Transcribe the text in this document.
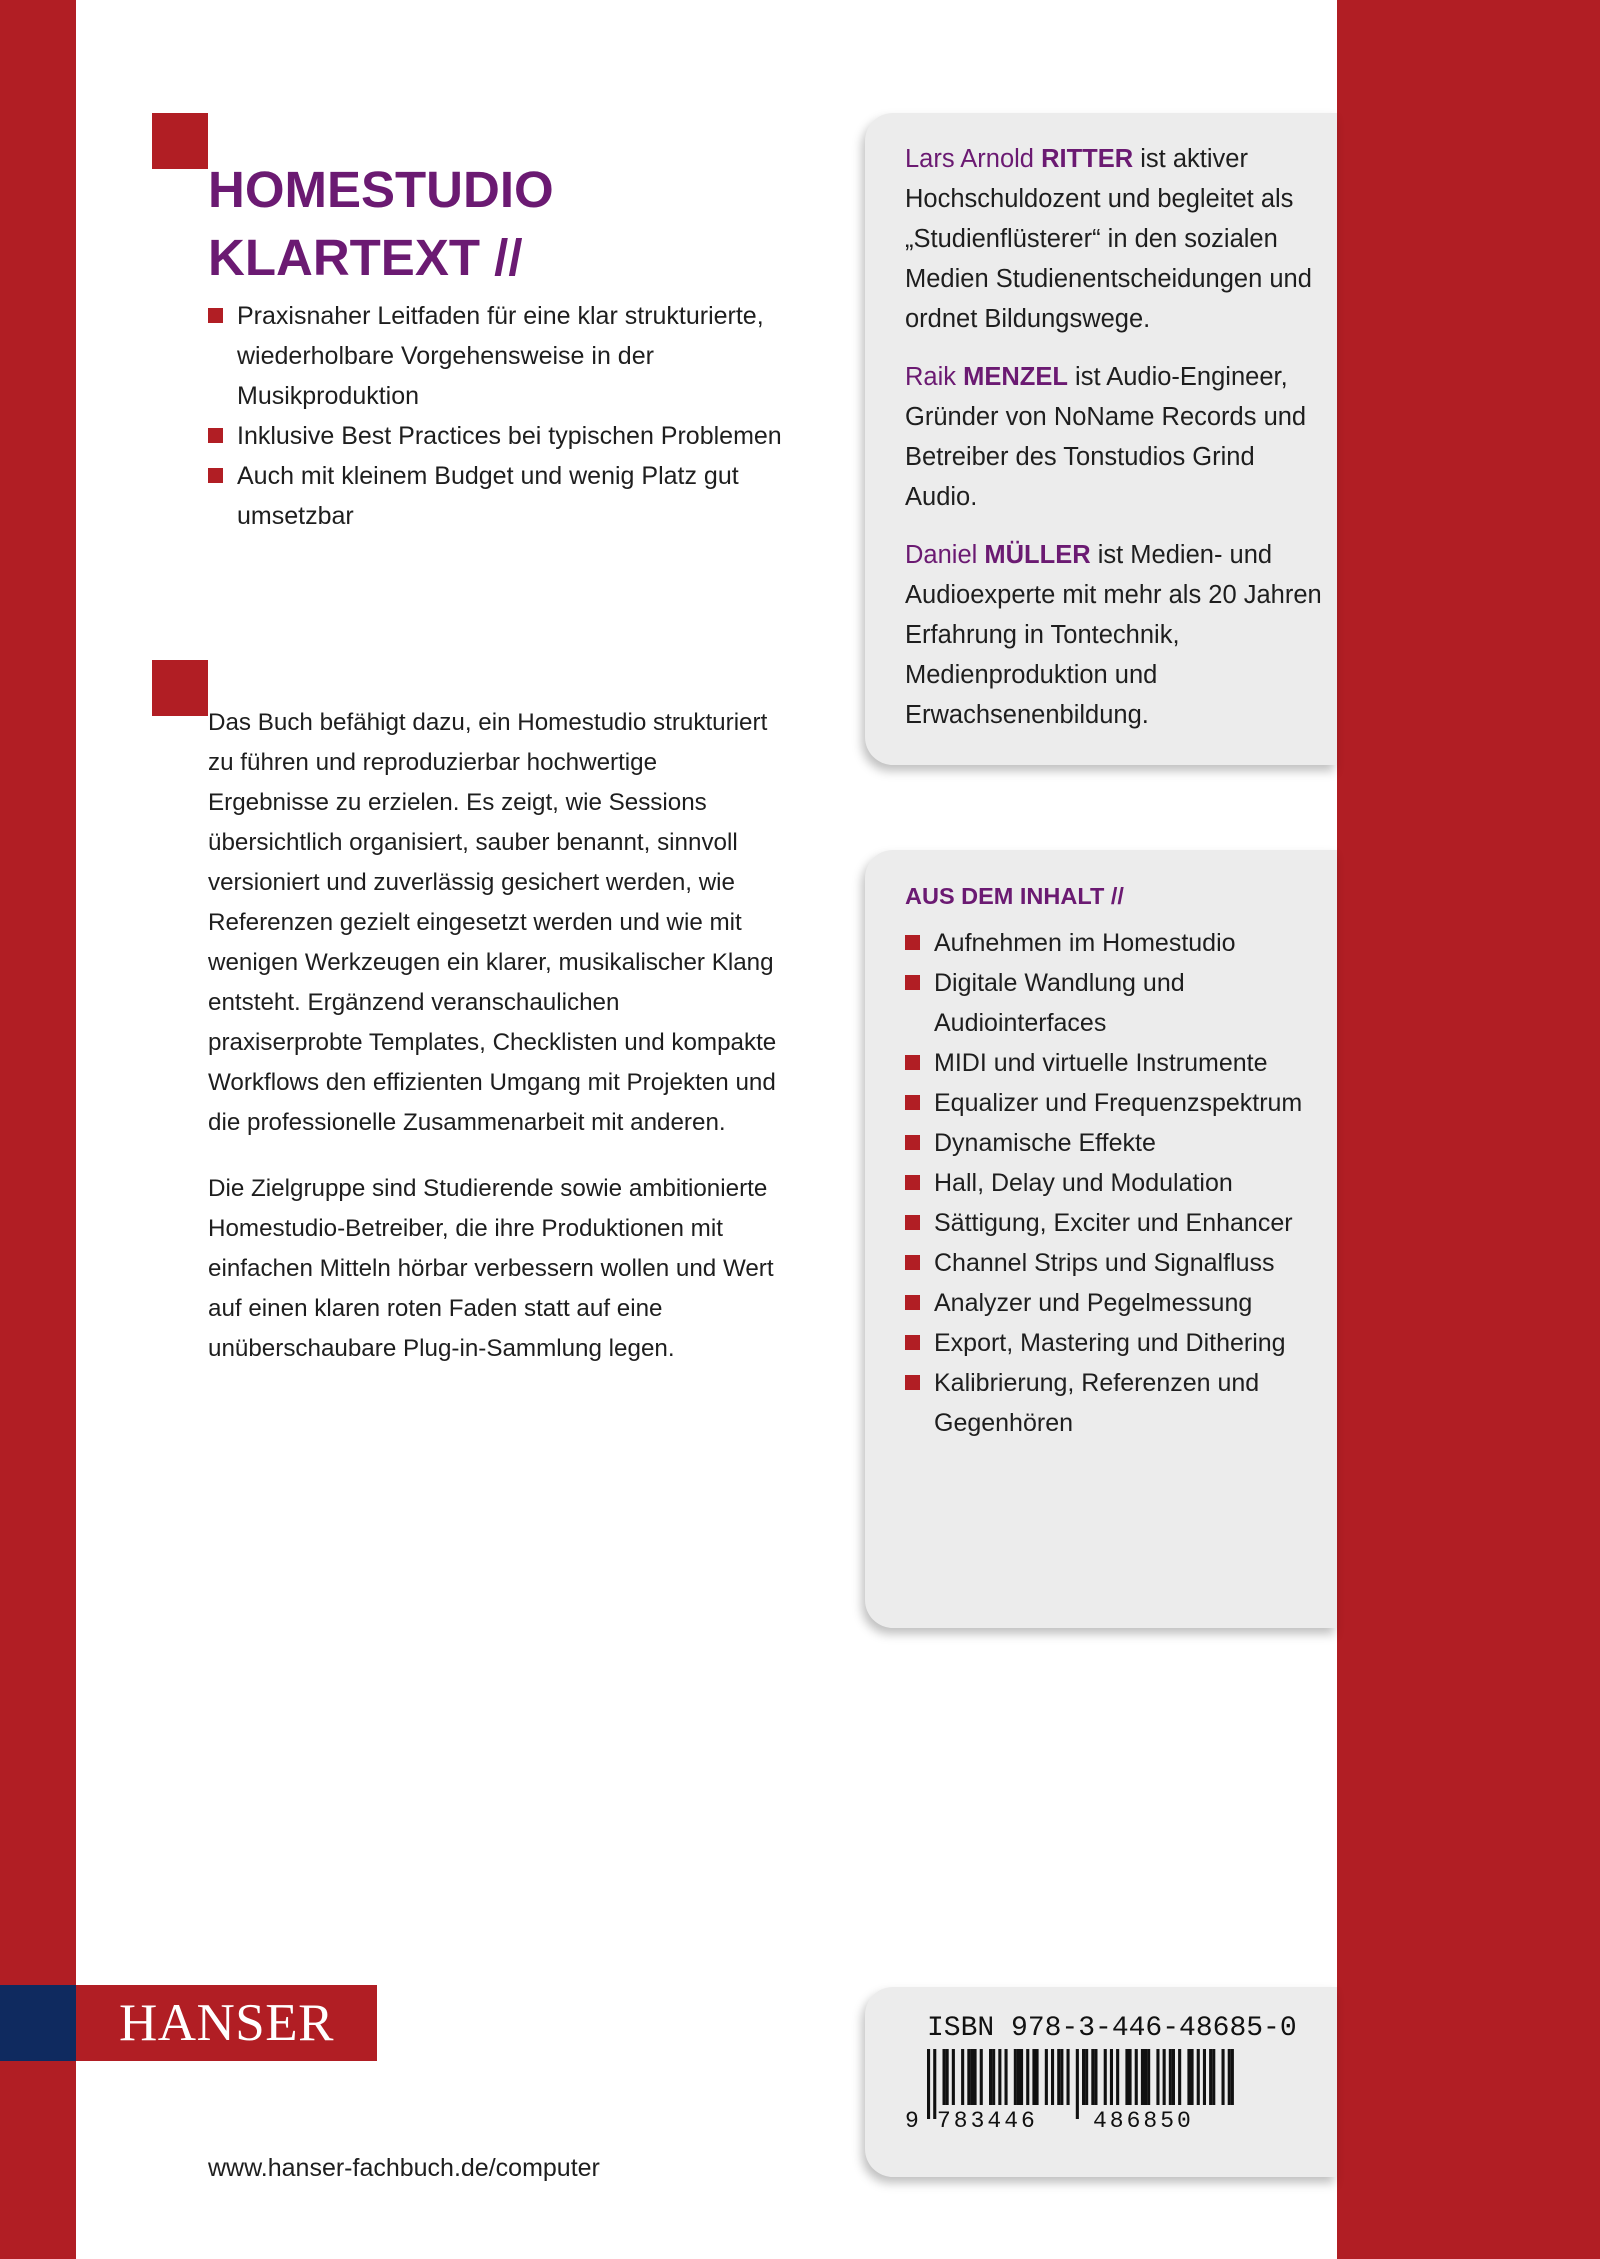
HOMESTUDIO
KLARTEXT //
Praxisnaher Leitfaden für eine klar strukturierte, wiederholbare Vorgehensweise in der Musikproduktion
Inklusive Best Practices bei typischen Problemen
Auch mit kleinem Budget und wenig Platz gut umsetzbar

Das Buch befähigt dazu, ein Homestudio strukturiert zu führen und reproduzierbar hochwertige Ergebnisse zu erzielen. Es zeigt, wie Sessions übersichtlich organisiert, sauber benannt, sinnvoll versioniert und zuverlässig gesichert werden, wie Referenzen gezielt eingesetzt werden und wie mit wenigen Werkzeugen ein klarer, musikalischer Klang entsteht. Ergänzend veranschaulichen praxiserprobte Templates, Checklisten und kompakte Workflows den effizienten Umgang mit Projekten und die professionelle Zusammenarbeit mit anderen.

Die Zielgruppe sind Studierende sowie ambitionierte Homestudio-Betreiber, die ihre Produktionen mit einfachen Mitteln hörbar verbessern wollen und Wert auf einen klaren roten Faden statt auf eine unüberschaubare Plug-in-Sammlung legen.

Lars Arnold RITTER ist aktiver Hochschuldozent und begleitet als „Studienflüsterer“ in den sozialen Medien Studienentscheidungen und ordnet Bildungswege.

Raik MENZEL ist Audio-Engineer, Gründer von NoName Records und Betreiber des Tonstudios Grind Audio.

Daniel MÜLLER ist Medien- und Audioexperte mit mehr als 20 Jahren Erfahrung in Tontechnik, Medienproduktion und Erwachsenenbildung.

AUS DEM INHALT //
Aufnehmen im Homestudio
Digitale Wandlung und Audiointerfaces
MIDI und virtuelle Instrumente
Equalizer und Frequenzspektrum
Dynamische Effekte
Hall, Delay und Modulation
Sättigung, Exciter und Enhancer
Channel Strips und Signalfluss
Analyzer und Pegelmessung
Export, Mastering und Dithering
Kalibrierung, Referenzen und Gegenhören
HANSER	ISBN 978-3-446-48685-0
9 783446 486850
www.hanser-fachbuch.de/computer
